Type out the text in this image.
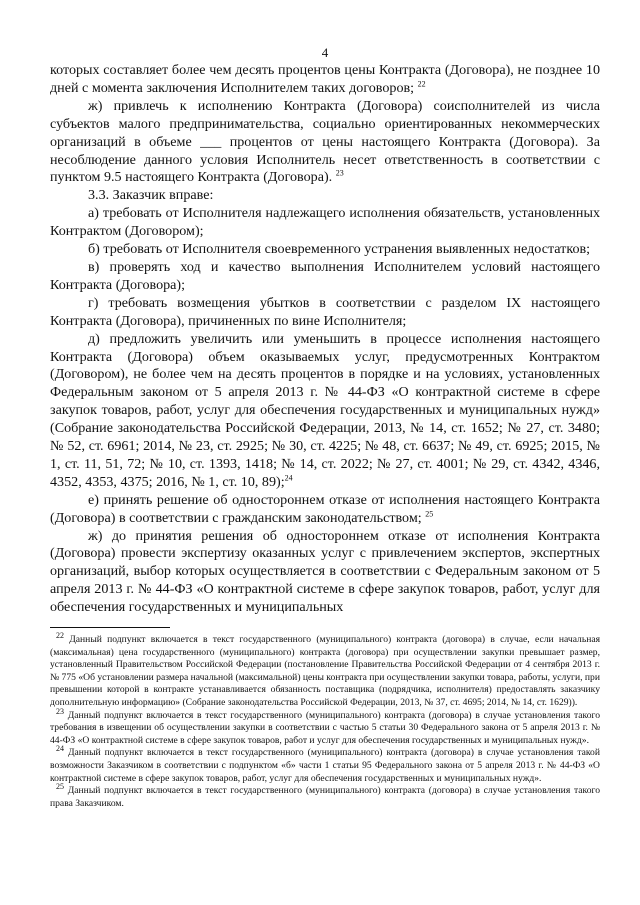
4

которых составляет более чем десять процентов цены Контракта (Договора), не позднее 10 дней с момента заключения Исполнителем таких договоров; $^{22}$

ж) привлечь к исполнению Контракта (Договора) соисполнителей из числа субъектов малого предпринимательства, социально ориентированных некоммерческих организаций в объеме ___ процентов от цены настоящего Контракта (Договора). За несоблюдение данного условия Исполнитель несет ответственность в соответствии с пунктом 9.5 настоящего Контракта (Договора). $^{23}$

3.3. Заказчик вправе:

а) требовать от Исполнителя надлежащего исполнения обязательств, установленных Контрактом (Договором);

б) требовать от Исполнителя своевременного устранения выявленных недостатков;

в) проверять ход и качество выполнения Исполнителем условий настоящего Контракта (Договора);

г) требовать возмещения убытков в соответствии с разделом IX настоящего Контракта (Договора), причиненных по вине Исполнителя;

д) предложить увеличить или уменьшить в процессе исполнения настоящего Контракта (Договора) объем оказываемых услуг, предусмотренных Контрактом (Договором), не более чем на десять процентов в порядке и на условиях, установленных Федеральным законом от 5 апреля 2013 г. № 44-ФЗ «О контрактной системе в сфере закупок товаров, работ, услуг для обеспечения государственных и муниципальных нужд» (Собрание законодательства Российской Федерации, 2013, № 14, ст. 1652; № 27, ст. 3480; № 52, ст. 6961; 2014, № 23, ст. 2925; № 30, ст. 4225; № 48, ст. 6637; № 49, ст. 6925; 2015, № 1, ст. 11, 51, 72; № 10, ст. 1393, 1418; № 14, ст. 2022; № 27, ст. 4001; № 29, ст. 4342, 4346, 4352, 4353, 4375; 2016, № 1, ст. 10, 89);$^{24}$

е) принять решение об одностороннем отказе от исполнения настоящего Контракта (Договора) в соответствии с гражданским законодательством; $^{25}$

ж) до принятия решения об одностороннем отказе от исполнения Контракта (Договора) провести экспертизу оказанных услуг с привлечением экспертов, экспертных организаций, выбор которых осуществляется в соответствии с Федеральным законом от 5 апреля 2013 г. № 44-ФЗ «О контрактной системе в сфере закупок товаров, работ, услуг для обеспечения государственных и муниципальных

$^{22}$ Данный подпункт включается в текст государственного (муниципального) контракта (договора) в случае, если начальная (максимальная) цена государственного (муниципального) контракта (договора) при осуществлении закупки превышает размер, установленный Правительством Российской Федерации (постановление Правительства Российской Федерации от 4 сентября 2013 г. № 775 «Об установлении размера начальной (максимальной) цены контракта при осуществлении закупки товара, работы, услуги, при превышении которой в контракте устанавливается обязанность поставщика (подрядчика, исполнителя) предоставлять заказчику дополнительную информацию» (Собрание законодательства Российской Федерации, 2013, № 37, ст. 4695; 2014, № 14, ст. 1629)).

$^{23}$ Данный подпункт включается в текст государственного (муниципального) контракта (договора) в случае установления такого требования в извещении об осуществлении закупки в соответствии с частью 5 статьи 30 Федерального закона от 5 апреля 2013 г. № 44-ФЗ «О контрактной системе в сфере закупок товаров, работ и услуг для обеспечения государственных и муниципальных нужд».

$^{24}$ Данный подпункт включается в текст государственного (муниципального) контракта (договора) в случае установления такой возможности Заказчиком в соответствии с подпунктом «б» части 1 статьи 95 Федерального закона от 5 апреля 2013 г. № 44-ФЗ «О контрактной системе в сфере закупок товаров, работ, услуг для обеспечения государственных и муниципальных нужд».

$^{25}$ Данный подпункт включается в текст государственного (муниципального) контракта (договора) в случае установления такого права Заказчиком.
